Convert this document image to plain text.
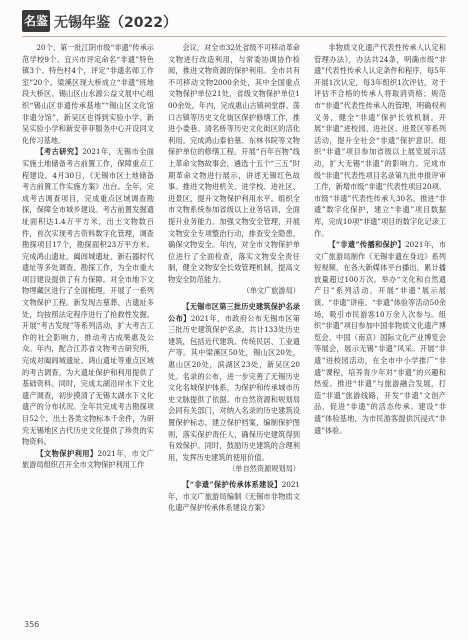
名鉴 无锡年鉴（2022）

20个、第一批江阴市级“非遗”传承示范学校9个、宜兴市评定命名“非遗”特色镇3个、特色村4个，评定“非遗名师工作室”20个。梁溪区现大桥成立“非遗”班地段大桥区、锡山区山水源公益文展中心组织“锡山区非遗传承基地”“锡山区文化馆非遗分馆”，新吴区也得到实验小学、新吴实验小学和新安菲菲服务中心开设同文化传习基地。

【考古研究】2021年，无锡市全面实施土地储备考古前置工作，保障重点工程建设。4月30日，《无锡市区土地储备考古前置工作实施方案》出台。全年，完成考古调查项目，完成重点区域调查勘探，保障全市城乡建设。考古前置发掘遗址面积达1.4万平方米，出土文物数百件，首次实现考古资料数字化管理，调查勘探项目17个，勘探面积23万平方米。完成鸿山遗址、阖闾城遗址、新石器时代遗址等多处调查、勘探工作，为全市重大项目建设提供了有力保障。对全市地下文物埋藏区进行了全面梳理，开展了一系列文物保护工程。新发现古墓葬、古遗址多处，均按照法定程序进行了抢救性发掘。开展“考古发现”等系列活动，扩大考古工作的社会影响力，推动考古成果惠及公众。年内，配合江苏省文物考古研究所，完成对阖闾城遗址、鸿山遗址等重点区域的考古调查，为大遗址保护和利用提供了基础资料。同时，完成太湖沿岸水下文化遗产调查，初步摸清了无锡太湖水下文化遗产的分布状况。全年共完成考古勘探项目52个，出土各类文物标本千余件，为研究无锡地区古代历史文化提供了珍贵的实物资料。

【文物保护利用】2021年，市文广旅游局组织召开全市文物保护利用工作

会议，对全市32处省级不可移动革命文物进行改造利用，与常委协调协作检阅，推进文物资源的保护利用。全市共有不可移动文物2000余处，其中全国重点文物保护单位21处、省级文物保护单位100余处。年内，完成惠山古镇祠堂群、荡口古镇等历史文化街区保护修缮工作，推进小娄巷、清名桥等历史文化街区的活化利用。完成鸿山泰伯墓、东林书院等文物保护单位的修缮工程。开展“百年百物”线上革命文物故事会，遴选十五个“三五”时期革命文物进行展示，讲述无锡红色故事。推进文物进机关、进学校、进社区、进景区，提升文物保护利用水平。组织全市文物系统参加省级以上业务培训，全面提升业务能力。加强文物安全管理，开展文物安全专项整治行动，排查安全隐患，确保文物安全。年内，对全市文物保护单位进行了全面检查，落实文物安全责任制，健全文物安全长效管理机制，提高文物安全防范能力。

（单文广旅游局）

【无锡市区第三批历史建筑保护名录公布】2021年，市政府公布无锡市区第三批历史建筑保护名录，共计133处历史建筑，包括近代建筑、传统民居、工业遗产等。其中梁溪区50处，锡山区20处，惠山区20处，滨湖区23处，新吴区20处。名录的公布，进一步完善了无锡历史文化名城保护体系，为保护和传承城市历史文脉提供了依据。市自然资源和规划局会同有关部门，对纳入名录的历史建筑设置保护标志，建立保护档案，编制保护图则，落实保护责任人，确保历史建筑得到有效保护。同时，鼓励历史建筑的合理利用，发挥历史建筑的使用价值。

（单自然资源规划局）

【“非遗”保护传承体系建设】2021年，市文广旅游局编制《无锡市非物质文化遗产保护传承体系建设方案》

非物质文化遗产代表性传承人认定和管理办法》，办法共24条，明确市级“非遗”代表性传承人认定条件和程序，每5年开展1次认定，每3年组织1次评估，对于评估不合格的传承人将取消资格；规范市“非遗”代表性传承人的管理，明确权利义务，健全“非遗”保护长效机制。开展“非遗”进校园、进社区、进景区等系列活动，提升全社会“非遗”保护意识。组织“非遗”项目参加省级以上展览展示活动，扩大无锡“非遗”的影响力。完成市级“非遗”代表性项目名录第九批申报评审工作，新增市级“非遗”代表性项目20项、市级“非遗”代表性传承人30名。推进“非遗”数字化保护，建立“非遗”项目数据库，完成10项“非遗”项目的数字化记录工作。

【“非遗”传播和保护】2021年，市文广旅游局制作《无锡非遗在身边》系列短视频，在各大新媒体平台播出，累计播放量超过100万次。举办“文化和自然遗产日”系列活动，开展“非遗”展示展演、“非遗”讲座、“非遗”体验等活动50余场，吸引市民游客10万余人次参与。组织“非遗”项目参加中国非物质文化遗产博览会、中国（南京）国际文化产业博览会等展会，展示无锡“非遗”风采。开展“非遗”进校园活动，在全市中小学推广“非遗”课程，培养青少年对“非遗”的兴趣和热爱。推进“非遗”与旅游融合发展，打造“非遗”旅游线路，开发“非遗”文创产品，促进“非遗”的活态传承。建设“非遗”体验基地，为市民游客提供沉浸式“非遗”体验。

356
